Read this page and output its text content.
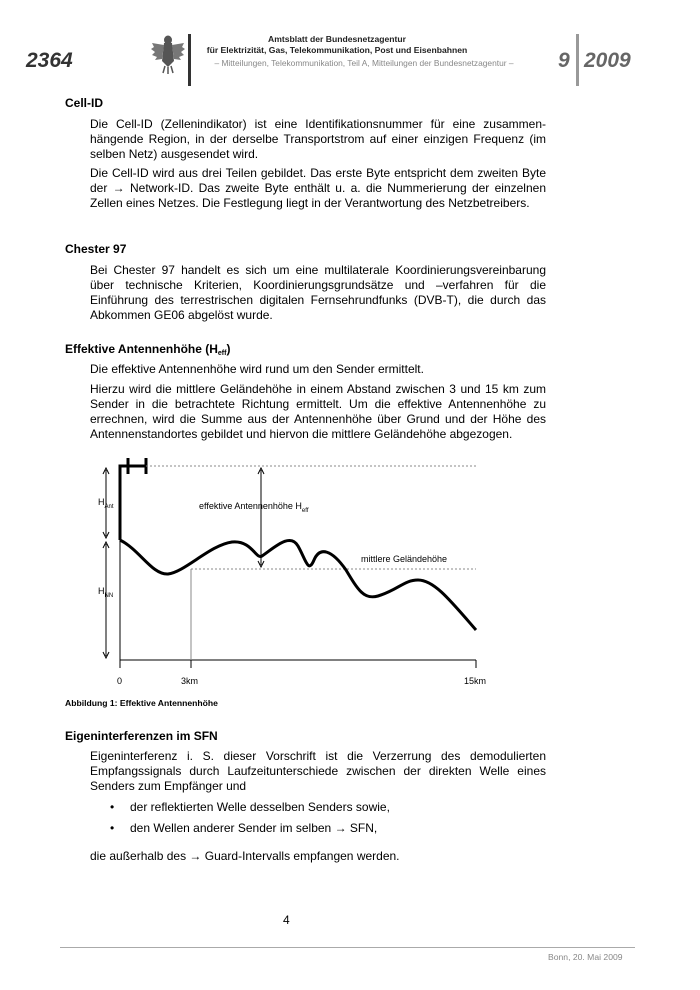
2364
Amtsblatt der Bundesnetzagentur
für Elektrizität, Gas, Telekommunikation, Post und Eisenbahnen
– Mitteilungen, Telekommunikation, Teil A, Mitteilungen der Bundesnetzagentur –	9 2009
Cell-ID

Die Cell-ID (Zellenindikator) ist eine Identifikationsnummer für eine zusammenhängende Region, in der derselbe Transportstrom auf einer einzigen Frequenz (im selben Netz) ausgesendet wird.

Die Cell-ID wird aus drei Teilen gebildet. Das erste Byte entspricht dem zweiten Byte der → Network-ID. Das zweite Byte enthält u. a. die Nummerierung der einzelnen Zellen eines Netzes. Die Festlegung liegt in der Verantwortung des Netzbetreibers.

Chester 97

Bei Chester 97 handelt es sich um eine multilaterale Koordinierungsvereinbarung über technische Kriterien, Koordinierungsgrundsätze und –verfahren für die Einführung des terrestrischen digitalen Fernsehrundfunks (DVB-T), die durch das Abkommen GE06 abgelöst wurde.

Effektive Antennenhöhe $(H_{eff})$

Die effektive Antennenhöhe wird rund um den Sender ermittelt.

Hierzu wird die mittlere Geländehöhe in einem Abstand zwischen 3 und 15 km zum Sender in die betrachtete Richtung ermittelt. Um die effektive Antennenhöhe zu errechnen, wird die Summe aus der Antennenhöhe über Grund und der Höhe des Antennenstandortes gebildet und hiervon die mittlere Geländehöhe abgezogen.

$H_{Ant}$
$H_{NN}$
effektive Antennenhöhe $H_{eff}$
mittlere Geländehöhe
0	3km	15km
Abbildung 1: Effektive Antennenhöhe
Eigeninterferenzen im SFN

Eigeninterferenz i. S. dieser Vorschrift ist die Verzerrung des demodulierten Empfangssignals durch Laufzeitunterschiede zwischen der direkten Welle eines Senders zum Empfänger und

• der reflektierten Welle desselben Senders sowie,
• den Wellen anderer Sender im selben → SFN,

die außerhalb des → Guard-Intervalls empfangen werden.

4
Bonn, 20. Mai 2009
